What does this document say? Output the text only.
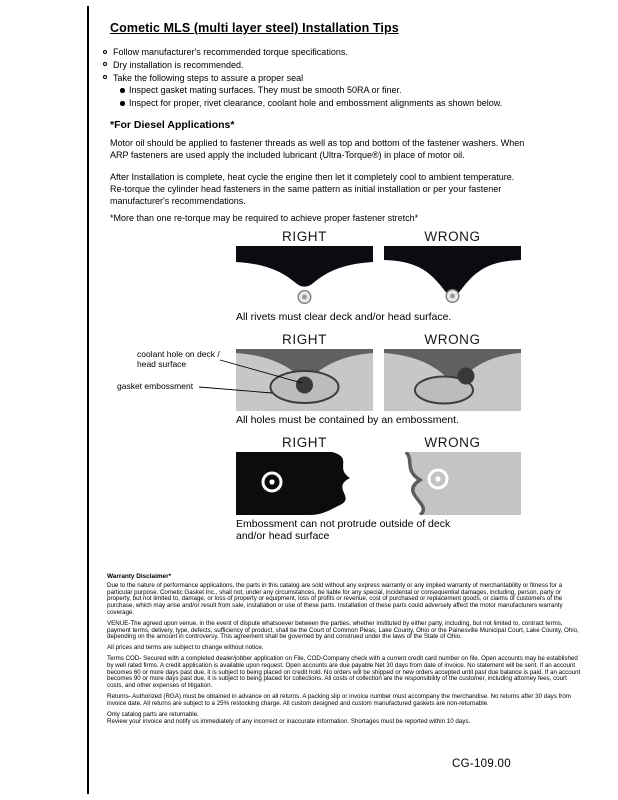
Cometic MLS (multi layer steel) Installation Tips
Follow manufacturer's recommended torque specifications.
Dry installation is recommended.
Take the following steps to assure a proper seal
Inspect gasket mating surfaces. They must be smooth 50RA or finer.
Inspect for proper, rivet clearance, coolant hole and embossment alignments as shown below.
*For Diesel Applications*

Motor oil should be applied to fastener threads as well as top and bottom of the fastener washers. When ARP fasteners are used apply the included lubricant (Ultra-Torque®) in place of motor oil.

After Installation is complete, heat cycle the engine then let it completely cool to ambient temperature. Re-torque the cylinder head fasteners in the same pattern as initial installation or per your fastener manufacturer's recommendations.

*More than one re-torque may be required to achieve proper fastener stretch*

RIGHT	WRONG
All rivets must clear deck and/or head surface.
RIGHT	WRONG
coolant hole on deck / head surface
gasket embossment
All holes must be contained by an embossment.
RIGHT	WRONG
Embossment can not protrude outside of deck and/or head surface
Warranty Disclaimer*

Due to the nature of performance applications, the parts in this catalog are sold without any express warranty or any implied warranty of merchantability or fitness for a particular purpose. Cometic Gasket Inc., shall not, under any circumstances, be liable for any special, incidental or consequential damages, including, person, party or property, but not limited to, damage, or loss of property or equipment, loss of profits or revenue, cost of purchased or replacement goods, or claims of customers of the purchase, which may arise and/or result from sale, installation or use of these parts. Installation of these parts could adversely affect the motor manufacturers warranty coverage.

VENUE-The agreed upon venue, in the event of dispute whatsoever between the parties, whether instituted by either party, including, but not limited to, contract terms, payment terms, delivery, type, defects, sufficiency of product, shall be the Court of Common Pleas, Lake County, Ohio or the Painesville Municipal Court, Lake County, Ohio, depending on the amount in controversy. This agreement shall be governed by and construed under the laws of the State of Ohio.

All prices and terms are subject to change without notice.

Terms COD- Secured with a completed dealer/jobber application on File, COD-Company check with a current credit card number on file. Open accounts may be established by well rated firms. A credit application is available upon request. Open accounts are due payable Net 30 days from date of invoice. No statement will be sent. If an account becomes 60 or more days past due, it is subject to being placed on credit hold. No orders will be shipped or new orders accepted until past due balance is paid. If an account becomes 90 or more days past due, it is subject to being placed for collections. All costs of collection are the responsibility of the customer, including attorney fees, court costs, and other expenses of litigation.

Returns- Authorized (RGA) must be obtained in advance on all returns. A packing slip or invoice number must accompany the merchandise. No returns after 30 days from invoice date. All returns are subject to a 25% restocking charge. All custom designed and custom manufactured gaskets are non-returnable.

Only catalog parts are returnable.

Review your invoice and notify us immediately of any incorrect or inaccurate information. Shortages must be reported within 10 days.

CG-109.00
